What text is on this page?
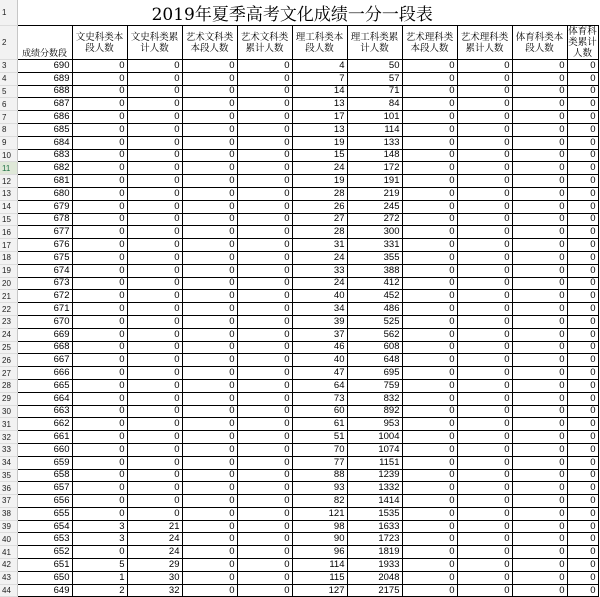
1	2019年夏季高考文化成绩一分一段表											
2	成绩分数段	文史科类本段人数	文史科类累计人数	艺术文科类本段人数	艺术文科类累计人数	理工科类本段人数	理工科类累计人数	艺术理科类本段人数	艺术理科类累计人数	体育科类本段人数	体育科类累计人数	
3	690	0	0	0	0	4	50	0	0	0	0	
4	689	0	0	0	0	7	57	0	0	0	0	
5	688	0	0	0	0	14	71	0	0	0	0	
6	687	0	0	0	0	13	84	0	0	0	0	
7	686	0	0	0	0	17	101	0	0	0	0	
8	685	0	0	0	0	13	114	0	0	0	0	
9	684	0	0	0	0	19	133	0	0	0	0	
10	683	0	0	0	0	15	148	0	0	0	0	
11	682	0	0	0	0	24	172	0	0	0	0	
12	681	0	0	0	0	19	191	0	0	0	0	
13	680	0	0	0	0	28	219	0	0	0	0	
14	679	0	0	0	0	26	245	0	0	0	0	
15	678	0	0	0	0	27	272	0	0	0	0	
16	677	0	0	0	0	28	300	0	0	0	0	
17	676	0	0	0	0	31	331	0	0	0	0	
18	675	0	0	0	0	24	355	0	0	0	0	
19	674	0	0	0	0	33	388	0	0	0	0	
20	673	0	0	0	0	24	412	0	0	0	0	
21	672	0	0	0	0	40	452	0	0	0	0	
22	671	0	0	0	0	34	486	0	0	0	0	
23	670	0	0	0	0	39	525	0	0	0	0	
24	669	0	0	0	0	37	562	0	0	0	0	
25	668	0	0	0	0	46	608	0	0	0	0	
26	667	0	0	0	0	40	648	0	0	0	0	
27	666	0	0	0	0	47	695	0	0	0	0	
28	665	0	0	0	0	64	759	0	0	0	0	
29	664	0	0	0	0	73	832	0	0	0	0	
30	663	0	0	0	0	60	892	0	0	0	0	
31	662	0	0	0	0	61	953	0	0	0	0	
32	661	0	0	0	0	51	1004	0	0	0	0	
33	660	0	0	0	0	70	1074	0	0	0	0	
34	659	0	0	0	0	77	1151	0	0	0	0	
35	658	0	0	0	0	88	1239	0	0	0	0	
36	657	0	0	0	0	93	1332	0	0	0	0	
37	656	0	0	0	0	82	1414	0	0	0	0	
38	655	0	0	0	0	121	1535	0	0	0	0	
39	654	3	21	0	0	98	1633	0	0	0	0	
40	653	3	24	0	0	90	1723	0	0	0	0	
41	652	0	24	0	0	96	1819	0	0	0	0	
42	651	5	29	0	0	114	1933	0	0	0	0	
43	650	1	30	0	0	115	2048	0	0	0	0	
44	649	2	32	0	0	127	2175	0	0	0	0	
